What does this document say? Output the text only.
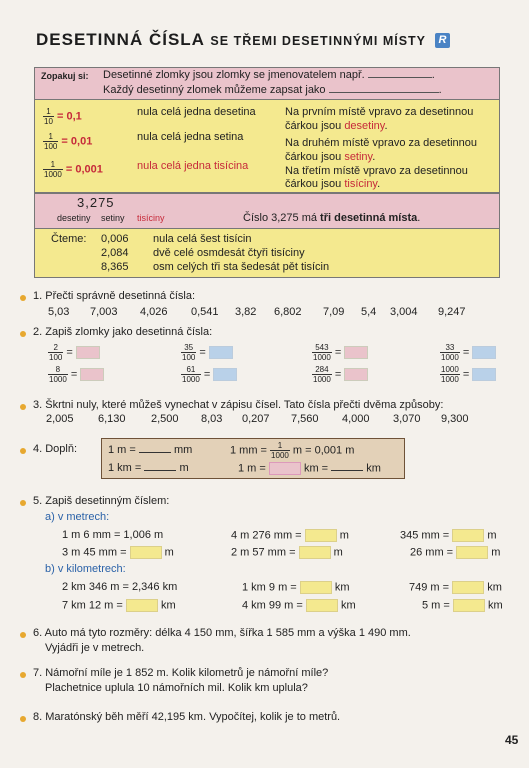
DESETINNÁ ČÍSLA SE TŘEMI DESETINNÝMI MÍSTY R
Zopakuj si: Desetinné zlomky jsou zlomky se jmenovatelem např.	.
Každý desetinný zlomek můžeme zapsat jako	.
$\frac{1}{10} = 0,1$	nula celá jedna desetina	Na prvním místě vpravo za desetinnou
čárkou jsou desetiny.
$\frac{1}{100} = 0,01$	nula celá jedna setina	Na druhém místě vpravo za desetinnou
čárkou jsou setiny.
$\frac{1}{1000} = 0,001$	nula celá jedna tisícina	Na třetím místě vpravo za desetinnou
čárkou jsou tisíciny.
3,275
desetiny setiny tisíciny	Číslo 3,275 má tři desetinná místa.
Čteme: 0,006 nula celá šest tisícin
2,084 dvě celé osmdesát čtyři tisíciny
8,365 osm celých tři sta šedesát pět tisícin
1. Přečti správně desetinná čísla:
5,03 7,003 4,026 0,541 3,82 6,802 7,09 5,4 3,004 9,247
2. Zapiš zlomky jako desetinná čísla:
$\frac{2}{100}$ =	$\frac{35}{100}$ =	$\frac{543}{1000}$ =	$\frac{33}{1000}$ =
$\frac{8}{1000}$ =	$\frac{61}{1000}$ =	$\frac{284}{1000}$ =	$\frac{1000}{1000}$ =
3. Škrtni nuly, které můžeš vynechat v zápisu čísel. Tato čísla přečti dvěma způsoby:
2,005 6,130 2,500 8,03 0,207 7,560 4,000 3,070 9,300
4. Doplň:	1 m =	mm	1 mm = $\frac{1}{1000}$ m = 0,001 m
1 km =	m	1 m =	km =	km
5. Zapiš desetinným číslem:
a) v metrech:
1 m 6 mm = 1,006 m	4 m 276 mm =	m	345 mm =	m
3 m 45 mm =	m	2 m 57 mm =	m	26 mm =	m
b) v kilometrech:
2 km 346 m = 2,346 km	1 km 9 m =	km	749 m =	km
7 km 12 m =	km	4 km 99 m =	km	5 m =	km
6. Auto má tyto rozměry: délka 4 150 mm, šířka 1 585 mm a výška 1 490 mm.
Vyjádři je v metrech.
7. Námořní míle je 1 852 m. Kolik kilometrů je námořní míle?
Plachetnice uplula 10 námořních mil. Kolik km uplula?
8. Maratónský běh měří 42,195 km. Vypočítej, kolik je to metrů.
45
